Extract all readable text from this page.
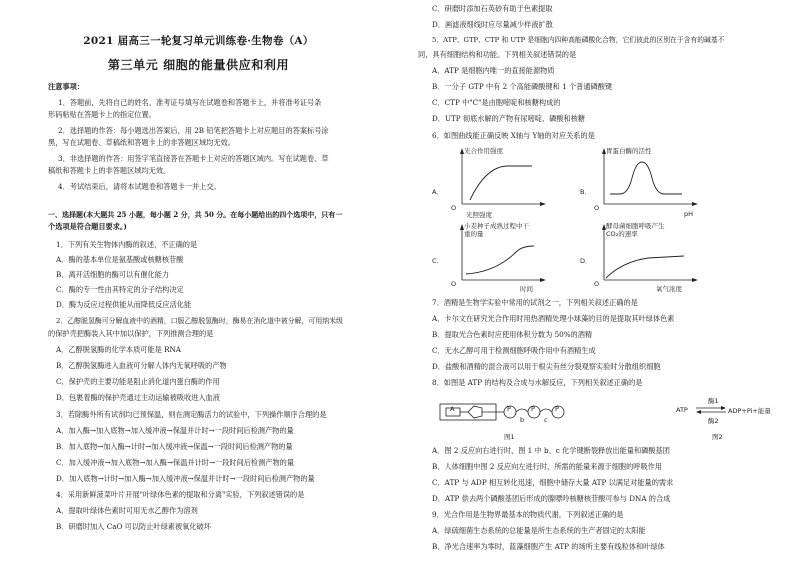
2021 届高三一轮复习单元训练卷·生物卷（A）
第三单元 细胞的能量供应和利用
注意事项：
1．答题前，先将自己的姓名、准考证号填写在试题卷和答题卡上，并将准考证号条
形码粘贴在答题卡上的指定位置。
2．选择题的作答：每小题选出答案后，用 2B 铅笔把答题卡上对应题目的答案标号涂
黑，写在试题卷、草稿纸和答题卡上的非答题区域均无效。
3．非选择题的作答：用签字笔直接答在答题卡上对应的答题区域内。写在试题卷、草
稿纸和答题卡上的非答题区域均无效。
4．考试结束后，请将本试题卷和答题卡一并上交。
一、选择题(本大题共 25 小题，每小题 2 分，共 50 分。在每小题给出的四个选项中，只有一
个选项是符合题目要求。)
1．下列有关生物体内酶的叙述，不正确的是
A．酶的基本单位是氨基酸或核糖核苷酸
B．离开活细胞的酶可以有催化能力
C．酶的专一性由其特定的分子结构决定
D．酶为反应过程供能从而降低反应活化能
2．乙醇脱氢酶可分解血液中的酒精，口服乙醇脱氢酶时，酶易在消化道中被分解，可用纳米级
的保护壳把酶装入其中加以保护，下列推测合理的是
A．乙醇脱氢酶的化学本质可能是 RNA
B．乙醇脱氢酶进入血液可分解人体内无氧呼吸的产物
C．保护壳的主要功能是阻止消化道内蛋白酶的作用
D．包裹着酶的保护壳通过主动运输被吸收进入血液
3．若除酶外所有试剂均已预保温，则在测定酶活力的试验中，下列操作顺序合理的是
A．加入酶→加入底物→加入缓冲液→保温并计时→一段时间后检测产物的量
B．加入底物→加入酶→计时→加入缓冲液→保温→一段时间后检测产物的量
C．加入缓冲液→加入底物→加入酶→保温并计时→一段时间后检测产物的量
D．加入底物→计时→加入酶→加入缓冲液→保温并计时→一段时间后检测产物的量
4．采用新鲜菠菜叶片开展"叶绿体色素的提取和分离"实验，下列叙述错误的是
A．提取叶绿体色素时可用无水乙醇作为溶剂
B．研磨时加入 CaO 可以防止叶绿素被氧化破坏
C．研磨时添加石英砂有助于色素提取
D．画滤液细线时应尽量减少样液扩散
5．ATP、GTP、CTP 和 UTP 是细胞内四种高能磷酸化合物，它们彼此的区别在于含有的碱基不
同，具有细胞结构和功能。下列相关叙述错误的是
A．ATP 是细胞内唯一的直接能源物质
B．一分子 GTP 中有 2 个高能磷酸键和 1 个普通磷酸键
C．CTP 中"C"是由胞嘧啶和核糖构成的
D．UTP 彻底水解的产物有尿嘧啶、磷酸和核糖
6．如图曲线能正确反映 X轴与 Y轴的对应关系的是
A．
光合作用强度
O
光照强度
B．
胃蛋白酶的活性
O
pH
C．
小麦种子成熟过程中干重的量
O
时间
D．
酵母菌细胞呼吸产生CO₂的速率
O
氧气浓度
7．酒精是生物学实验中常用的试剂之一，下列相关叙述正确的是
A．卡尔文在研究光合作用时用热酒精处理小球藻的目的是提取其叶绿体色素
B．提取光合色素时应使用体积分数为 50%的酒精
C．无水乙醇可用于检测细胞呼吸作用中有酒精生成
D．盐酸和酒精的混合液可以用于根尖有丝分裂观察实验时分散组织细胞
8．如图是 ATP 的结构及合成与水解反应，下列相关叙述正确的是
A	P	P	P
b	c
图1
酶1
ATP ⇌ ADP+Pi+能量
酶2
图2
A．图 2 反应向右进行时，图 1 中 b、c 化学键断裂释放出能量和磷酸基团
B．人体细胞中图 2 反应向左进行时，所需的能量来源于细胞的呼吸作用
C．ATP 与 ADP 相互转化迅速，细胞中储存大量 ATP 以满足对能量的需求
D．ATP 供去两个磷酸基团后形成的腺嘌呤核糖核苷酸可参与 DNA 的合成
9．光合作用是生物界最基本的物质代谢，下列叙述正确的是
A．绿硫细菌生态系统的总能量是所生态系统的生产者固定的太阳能
B．净光合速率为零时，蓝藻细胞产生 ATP 的场所主要有线粒体和叶绿体
